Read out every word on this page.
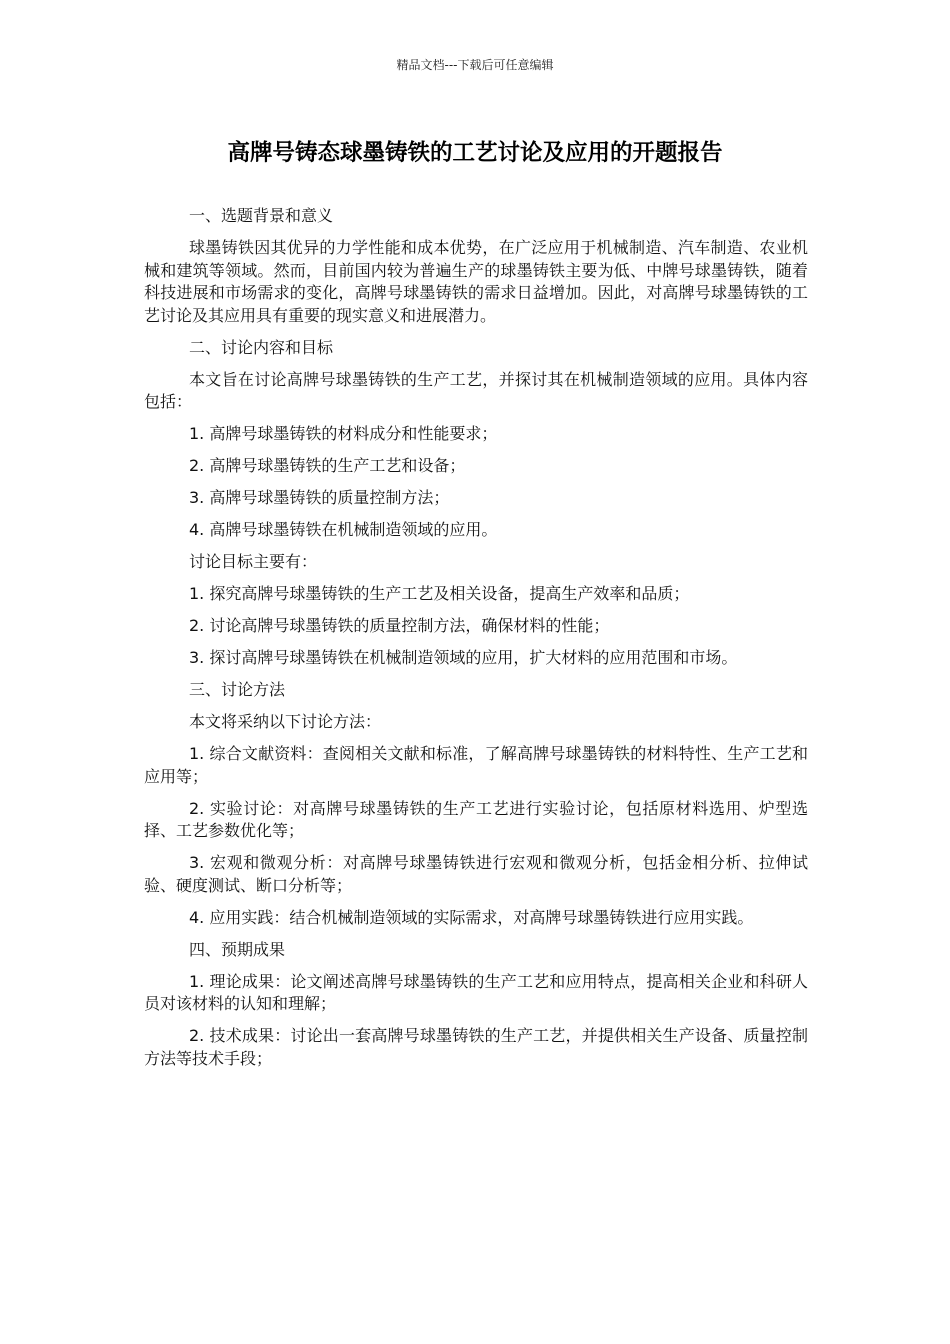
精品文档---下载后可任意编辑
高牌号铸态球墨铸铁的工艺讨论及应用的开题报告

一、选题背景和意义

球墨铸铁因其优异的力学性能和成本优势，在广泛应用于机械制造、汽车制造、农业机械和建筑等领域。然而，目前国内较为普遍生产的球墨铸铁主要为低、中牌号球墨铸铁，随着科技进展和市场需求的变化，高牌号球墨铸铁的需求日益增加。因此，对高牌号球墨铸铁的工艺讨论及其应用具有重要的现实意义和进展潜力。

二、讨论内容和目标

本文旨在讨论高牌号球墨铸铁的生产工艺，并探讨其在机械制造领域的应用。具体内容包括：

1. 高牌号球墨铸铁的材料成分和性能要求；

2. 高牌号球墨铸铁的生产工艺和设备；

3. 高牌号球墨铸铁的质量控制方法；

4. 高牌号球墨铸铁在机械制造领域的应用。

讨论目标主要有：

1. 探究高牌号球墨铸铁的生产工艺及相关设备，提高生产效率和品质；

2. 讨论高牌号球墨铸铁的质量控制方法，确保材料的性能；

3. 探讨高牌号球墨铸铁在机械制造领域的应用，扩大材料的应用范围和市场。

三、讨论方法

本文将采纳以下讨论方法：

1. 综合文献资料：查阅相关文献和标准，了解高牌号球墨铸铁的材料特性、生产工艺和应用等；

2. 实验讨论：对高牌号球墨铸铁的生产工艺进行实验讨论，包括原材料选用、炉型选择、工艺参数优化等；

3. 宏观和微观分析：对高牌号球墨铸铁进行宏观和微观分析，包括金相分析、拉伸试验、硬度测试、断口分析等；

4. 应用实践：结合机械制造领域的实际需求，对高牌号球墨铸铁进行应用实践。

四、预期成果

1. 理论成果：论文阐述高牌号球墨铸铁的生产工艺和应用特点，提高相关企业和科研人员对该材料的认知和理解；

2. 技术成果：讨论出一套高牌号球墨铸铁的生产工艺，并提供相关生产设备、质量控制方法等技术手段；
